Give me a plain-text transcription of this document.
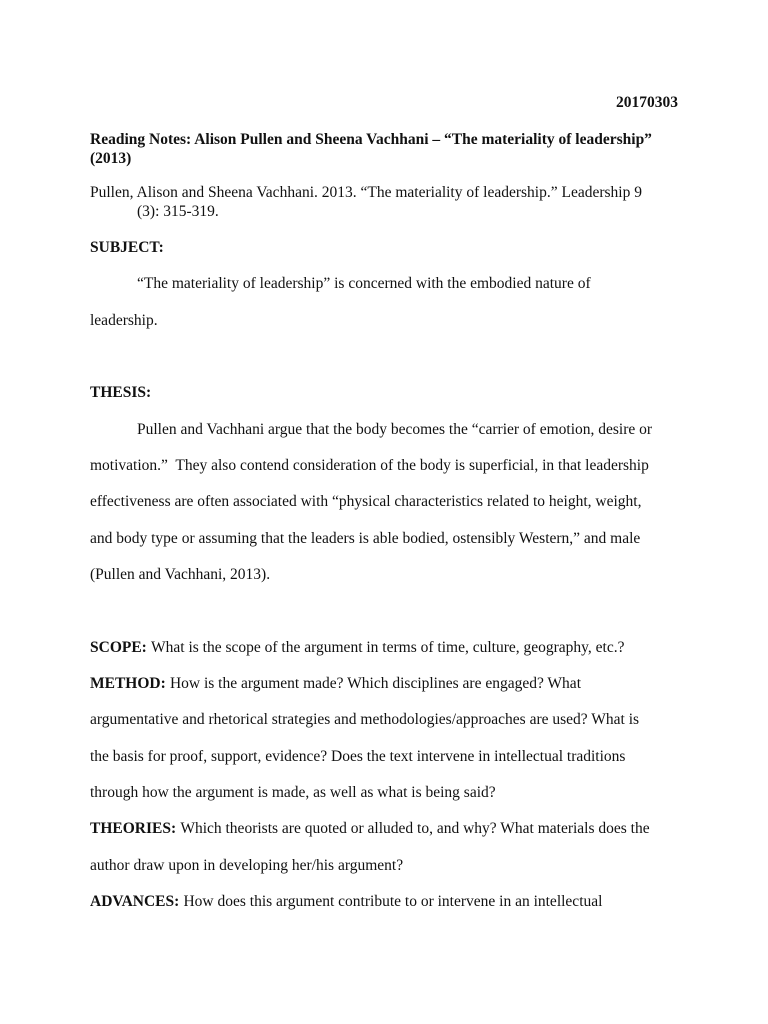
20170303
Reading Notes: Alison Pullen and Sheena Vachhani – “The materiality of leadership”
(2013)
Pullen, Alison and Sheena Vachhani. 2013. “The materiality of leadership.” Leadership 9
(3): 315-319.
SUBJECT:
“The materiality of leadership” is concerned with the embodied nature of
leadership.
THESIS:
Pullen and Vachhani argue that the body becomes the “carrier of emotion, desire or
motivation.”  They also contend consideration of the body is superficial, in that leadership
effectiveness are often associated with “physical characteristics related to height, weight,
and body type or assuming that the leaders is able bodied, ostensibly Western,” and male
(Pullen and Vachhani, 2013).
SCOPE: What is the scope of the argument in terms of time, culture, geography, etc.?
METHOD: How is the argument made? Which disciplines are engaged? What
argumentative and rhetorical strategies and methodologies/approaches are used? What is
the basis for proof, support, evidence? Does the text intervene in intellectual traditions
through how the argument is made, as well as what is being said?
THEORIES: Which theorists are quoted or alluded to, and why? What materials does the
author draw upon in developing her/his argument?
ADVANCES: How does this argument contribute to or intervene in an intellectual
